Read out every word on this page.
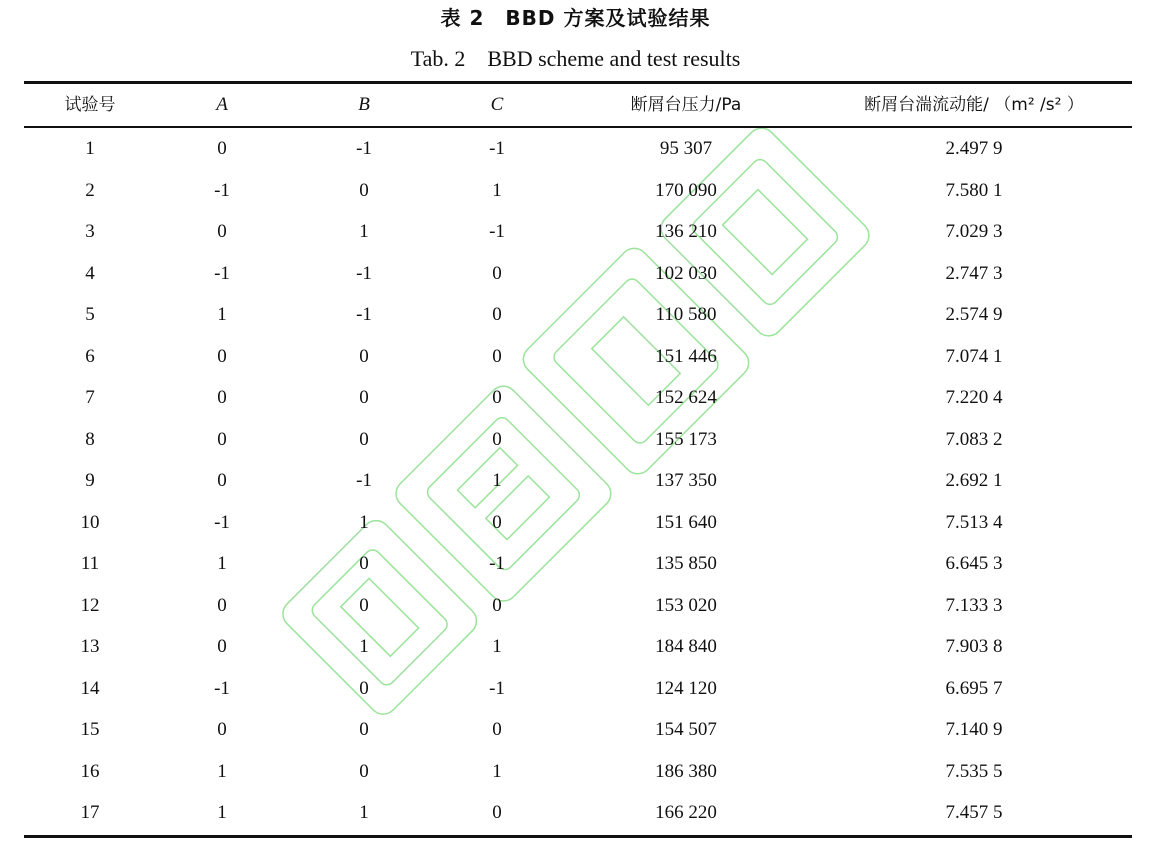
表 2　BBD 方案及试验结果
Tab. 2　BBD scheme and test results
试验号	A	B	C	断屑台压力/Pa	断屑台湍流动能/ （m² /s² ）
1	0	-1	-1	95 307	2.497 9
2	-1	0	1	170 090	7.580 1
3	0	1	-1	136 210	7.029 3
4	-1	-1	0	102 030	2.747 3
5	1	-1	0	110 580	2.574 9
6	0	0	0	151 446	7.074 1
7	0	0	0	152 624	7.220 4
8	0	0	0	155 173	7.083 2
9	0	-1	1	137 350	2.692 1
10	-1	1	0	151 640	7.513 4
11	1	0	-1	135 850	6.645 3
12	0	0	0	153 020	7.133 3
13	0	1	1	184 840	7.903 8
14	-1	0	-1	124 120	6.695 7
15	0	0	0	154 507	7.140 9
16	1	0	1	186 380	7.535 5
17	1	1	0	166 220	7.457 5
